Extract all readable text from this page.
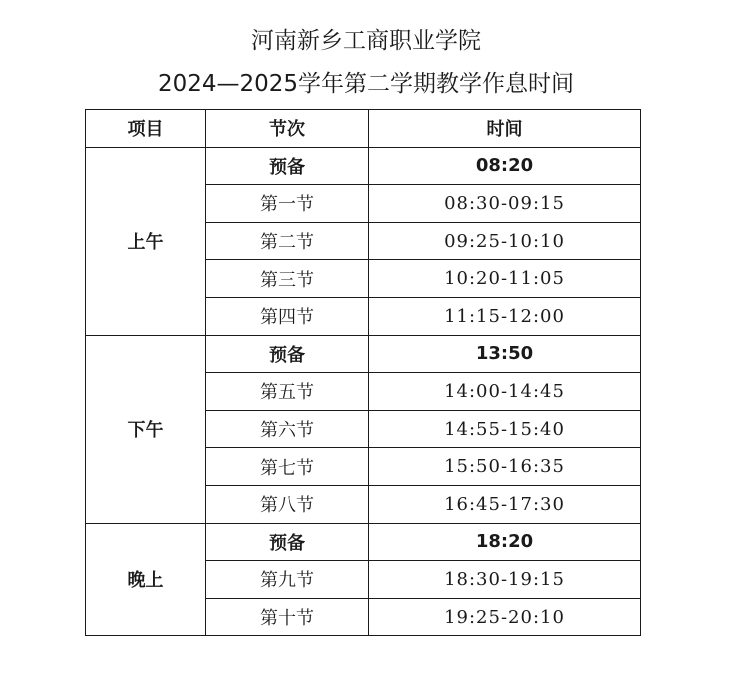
河南新乡工商职业学院
2024—2025学年第二学期教学作息时间
项目	节次	时间
上午	预备	08:20
	第一节	08:30-09:15
	第二节	09:25-10:10
	第三节	10:20-11:05
	第四节	11:15-12:00
下午	预备	13:50
	第五节	14:00-14:45
	第六节	14:55-15:40
	第七节	15:50-16:35
	第八节	16:45-17:30
晚上	预备	18:20
	第九节	18:30-19:15
	第十节	19:25-20:10
